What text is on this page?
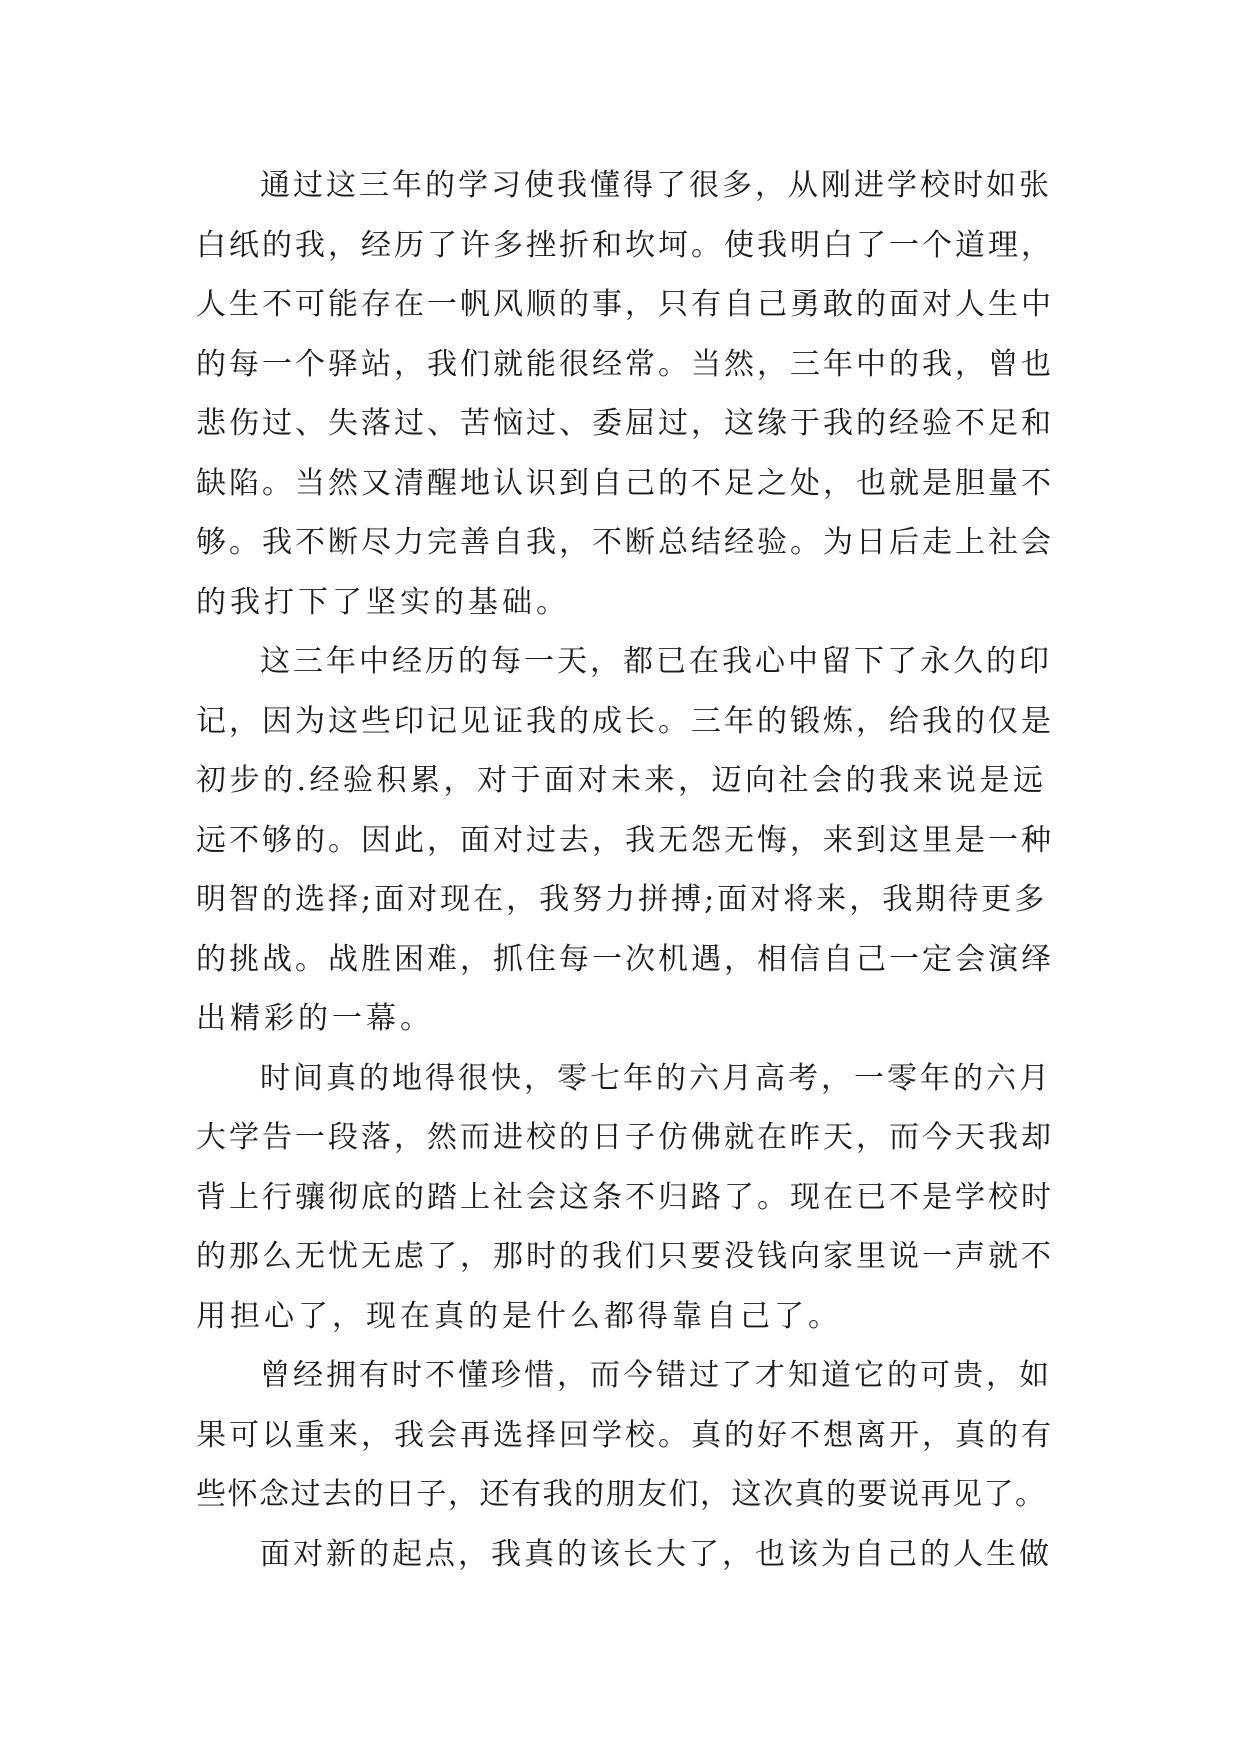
通过这三年的学习使我懂得了很多，从刚进学校时如张
白纸的我，经历了许多挫折和坎坷。使我明白了一个道理，
人生不可能存在一帆风顺的事，只有自己勇敢的面对人生中
的每一个驿站，我们就能很经常。当然，三年中的我，曾也
悲伤过、失落过、苦恼过、委屈过，这缘于我的经验不足和
缺陷。当然又清醒地认识到自己的不足之处，也就是胆量不
够。我不断尽力完善自我，不断总结经验。为日后走上社会
的我打下了坚实的基础。
这三年中经历的每一天，都已在我心中留下了永久的印
记，因为这些印记见证我的成长。三年的锻炼，给我的仅是
初步的.经验积累，对于面对未来，迈向社会的我来说是远
远不够的。因此，面对过去，我无怨无悔，来到这里是一种
明智的选择;面对现在，我努力拼搏;面对将来，我期待更多
的挑战。战胜困难，抓住每一次机遇，相信自己一定会演绎
出精彩的一幕。
时间真的地得很快，零七年的六月高考，一零年的六月
大学告一段落，然而进校的日子仿佛就在昨天，而今天我却
背上行骧彻底的踏上社会这条不归路了。现在已不是学校时
的那么无忧无虑了，那时的我们只要没钱向家里说一声就不
用担心了，现在真的是什么都得靠自己了。
曾经拥有时不懂珍惜，而今错过了才知道它的可贵，如
果可以重来，我会再选择回学校。真的好不想离开，真的有
些怀念过去的日子，还有我的朋友们，这次真的要说再见了。
面对新的起点，我真的该长大了，也该为自己的人生做
